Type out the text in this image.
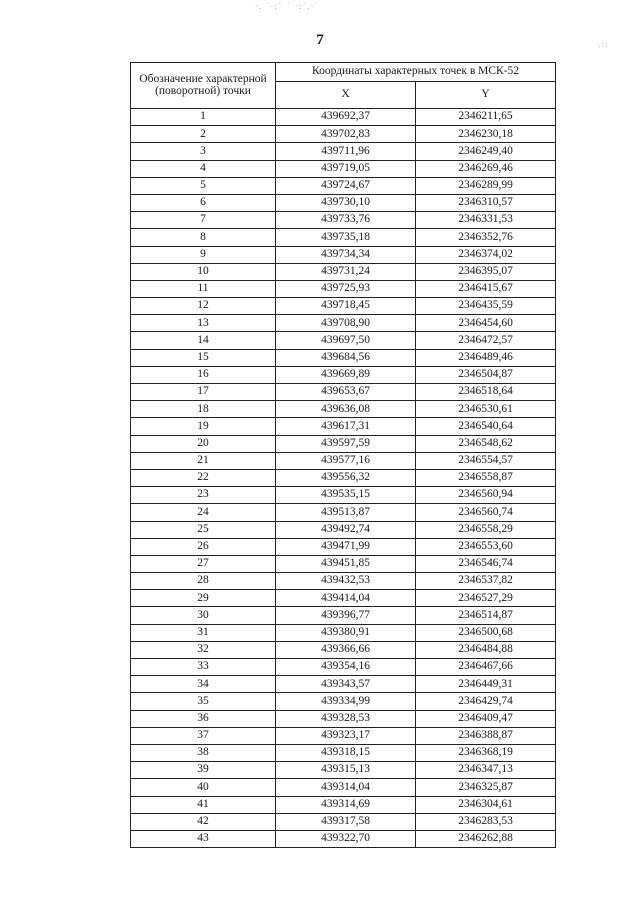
·. ˙·:˙ ˙ ·:˙.·˙
.·:
7
Обозначение характерной (поворотной) точки	Координаты характерных точек в МСК-52	
	X	Y
1	439692,37	2346211,65
2	439702,83	2346230,18
3	439711,96	2346249,40
4	439719,05	2346269,46
5	439724,67	2346289,99
6	439730,10	2346310,57
7	439733,76	2346331,53
8	439735,18	2346352,76
9	439734,34	2346374,02
10	439731,24	2346395,07
11	439725,93	2346415,67
12	439718,45	2346435,59
13	439708,90	2346454,60
14	439697,50	2346472,57
15	439684,56	2346489,46
16	439669,89	2346504,87
17	439653,67	2346518,64
18	439636,08	2346530,61
19	439617,31	2346540,64
20	439597,59	2346548,62
21	439577,16	2346554,57
22	439556,32	2346558,87
23	439535,15	2346560,94
24	439513,87	2346560,74
25	439492,74	2346558,29
26	439471,99	2346553,60
27	439451,85	2346546,74
28	439432,53	2346537,82
29	439414,04	2346527,29
30	439396,77	2346514,87
31	439380,91	2346500,68
32	439366,66	2346484,88
33	439354,16	2346467,66
34	439343,57	2346449,31
35	439334,99	2346429,74
36	439328,53	2346409,47
37	439323,17	2346388,87
38	439318,15	2346368,19
39	439315,13	2346347,13
40	439314,04	2346325,87
41	439314,69	2346304,61
42	439317,58	2346283,53
43	439322,70	2346262,88
